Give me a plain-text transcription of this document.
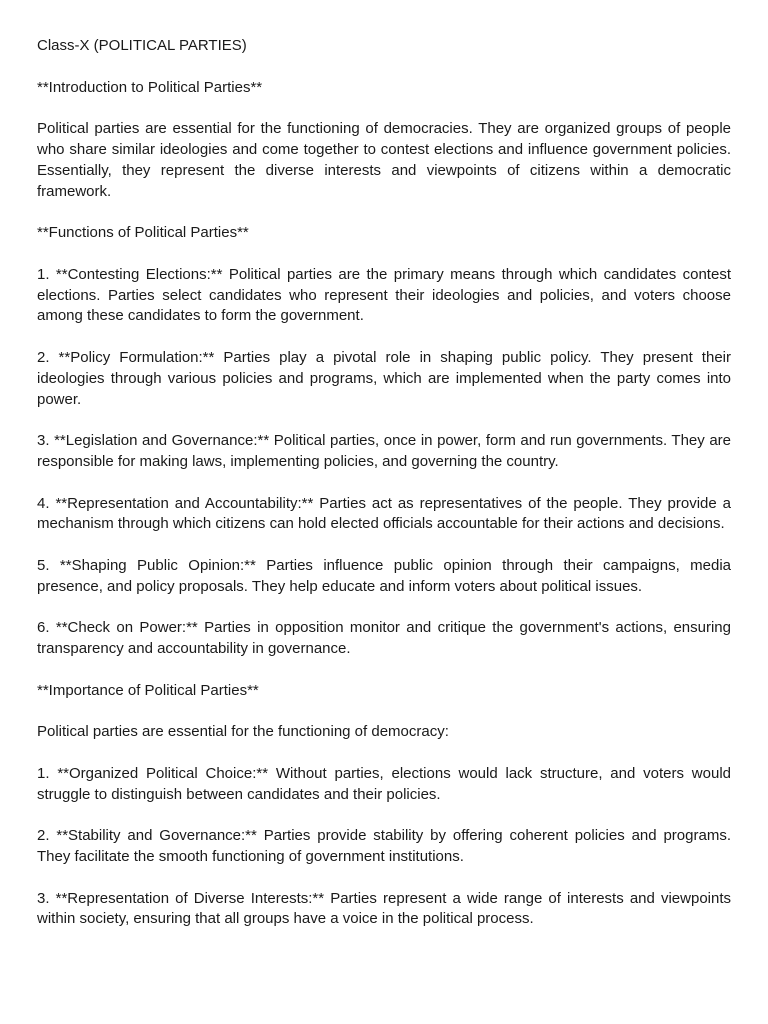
Class-X (POLITICAL PARTIES)

**Introduction to Political Parties**

Political parties are essential for the functioning of democracies. They are organized groups of people who share similar ideologies and come together to contest elections and influence government policies. Essentially, they represent the diverse interests and viewpoints of citizens within a democratic framework.

**Functions of Political Parties**

1. **Contesting Elections:** Political parties are the primary means through which candidates contest elections. Parties select candidates who represent their ideologies and policies, and voters choose among these candidates to form the government.

2. **Policy Formulation:** Parties play a pivotal role in shaping public policy. They present their ideologies through various policies and programs, which are implemented when the party comes into power.

3. **Legislation and Governance:** Political parties, once in power, form and run governments. They are responsible for making laws, implementing policies, and governing the country.

4. **Representation and Accountability:** Parties act as representatives of the people. They provide a mechanism through which citizens can hold elected officials accountable for their actions and decisions.

5. **Shaping Public Opinion:** Parties influence public opinion through their campaigns, media presence, and policy proposals. They help educate and inform voters about political issues.

6. **Check on Power:** Parties in opposition monitor and critique the government's actions, ensuring transparency and accountability in governance.

**Importance of Political Parties**

Political parties are essential for the functioning of democracy:

1. **Organized Political Choice:** Without parties, elections would lack structure, and voters would struggle to distinguish between candidates and their policies.

2. **Stability and Governance:** Parties provide stability by offering coherent policies and programs. They facilitate the smooth functioning of government institutions.

3. **Representation of Diverse Interests:** Parties represent a wide range of interests and viewpoints within society, ensuring that all groups have a voice in the political process.
